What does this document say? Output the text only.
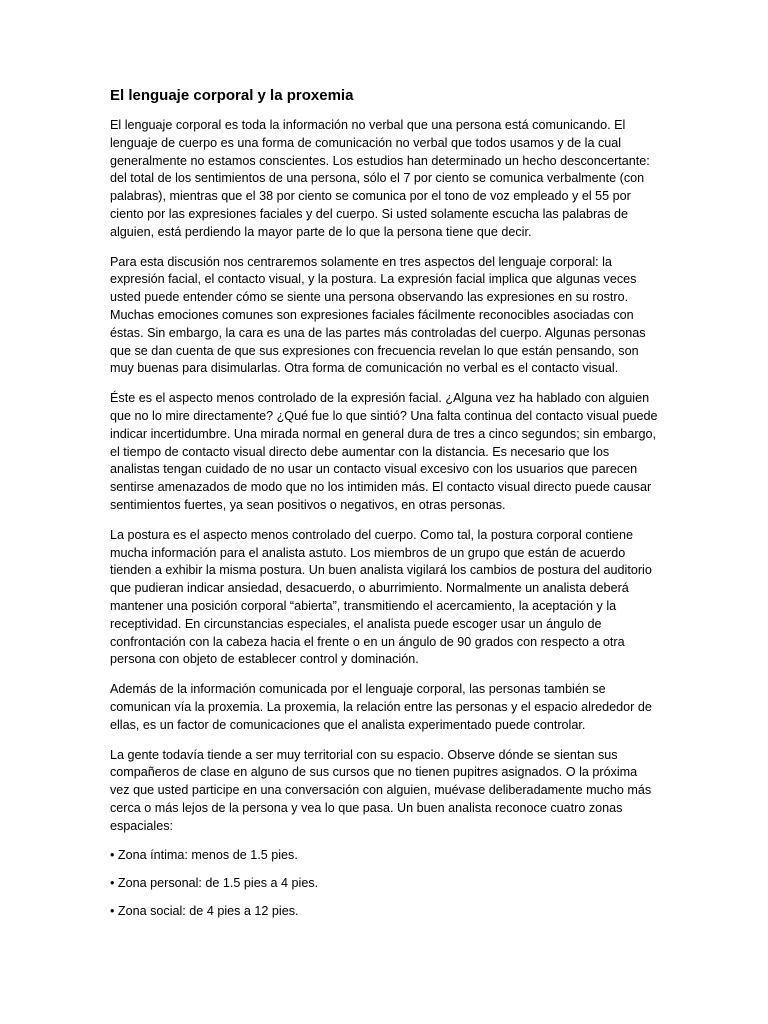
El lenguaje corporal y la proxemia

El lenguaje corporal es toda la información no verbal que una persona está comunicando. El lenguaje de cuerpo es una forma de comunicación no verbal que todos usamos y de la cual generalmente no estamos conscientes. Los estudios han determinado un hecho desconcertante: del total de los sentimientos de una persona, sólo el 7 por ciento se comunica verbalmente (con palabras), mientras que el 38 por ciento se comunica por el tono de voz empleado y el 55 por ciento por las expresiones faciales y del cuerpo. Si usted solamente escucha las palabras de alguien, está perdiendo la mayor parte de lo que la persona tiene que decir.

Para esta discusión nos centraremos solamente en tres aspectos del lenguaje corporal: la expresión facial, el contacto visual, y la postura. La expresión facial implica que algunas veces usted puede entender cómo se siente una persona observando las expresiones en su rostro. Muchas emociones comunes son expresiones faciales fácilmente reconocibles asociadas con éstas. Sin embargo, la cara es una de las partes más controladas del cuerpo. Algunas personas que se dan cuenta de que sus expresiones con frecuencia revelan lo que están pensando, son muy buenas para disimularlas. Otra forma de comunicación no verbal es el contacto visual.

Éste es el aspecto menos controlado de la expresión facial. ¿Alguna vez ha hablado con alguien que no lo mire directamente? ¿Qué fue lo que sintió? Una falta continua del contacto visual puede indicar incertidumbre. Una mirada normal en general dura de tres a cinco segundos; sin embargo, el tiempo de contacto visual directo debe aumentar con la distancia. Es necesario que los analistas tengan cuidado de no usar un contacto visual excesivo con los usuarios que parecen sentirse amenazados de modo que no los intimiden más. El contacto visual directo puede causar sentimientos fuertes, ya sean positivos o negativos, en otras personas.

La postura es el aspecto menos controlado del cuerpo. Como tal, la postura corporal contiene mucha información para el analista astuto. Los miembros de un grupo que están de acuerdo tienden a exhibir la misma postura. Un buen analista vigilará los cambios de postura del auditorio que pudieran indicar ansiedad, desacuerdo, o aburrimiento. Normalmente un analista deberá mantener una posición corporal “abierta”, transmitiendo el acercamiento, la aceptación y la receptividad. En circunstancias especiales, el analista puede escoger usar un ángulo de confrontación con la cabeza hacia el frente o en un ángulo de 90 grados con respecto a otra persona con objeto de establecer control y dominación.

Además de la información comunicada por el lenguaje corporal, las personas también se comunican vía la proxemia. La proxemia, la relación entre las personas y el espacio alrededor de ellas, es un factor de comunicaciones que el analista experimentado puede controlar.

La gente todavía tiende a ser muy territorial con su espacio. Observe dónde se sientan sus compañeros de clase en alguno de sus cursos que no tienen pupitres asignados. O la próxima vez que usted participe en una conversación con alguien, muévase deliberadamente mucho más cerca o más lejos de la persona y vea lo que pasa. Un buen analista reconoce cuatro zonas espaciales:

• Zona íntima: menos de 1.5 pies.
• Zona personal: de 1.5 pies a 4 pies.
• Zona social: de 4 pies a 12 pies.
